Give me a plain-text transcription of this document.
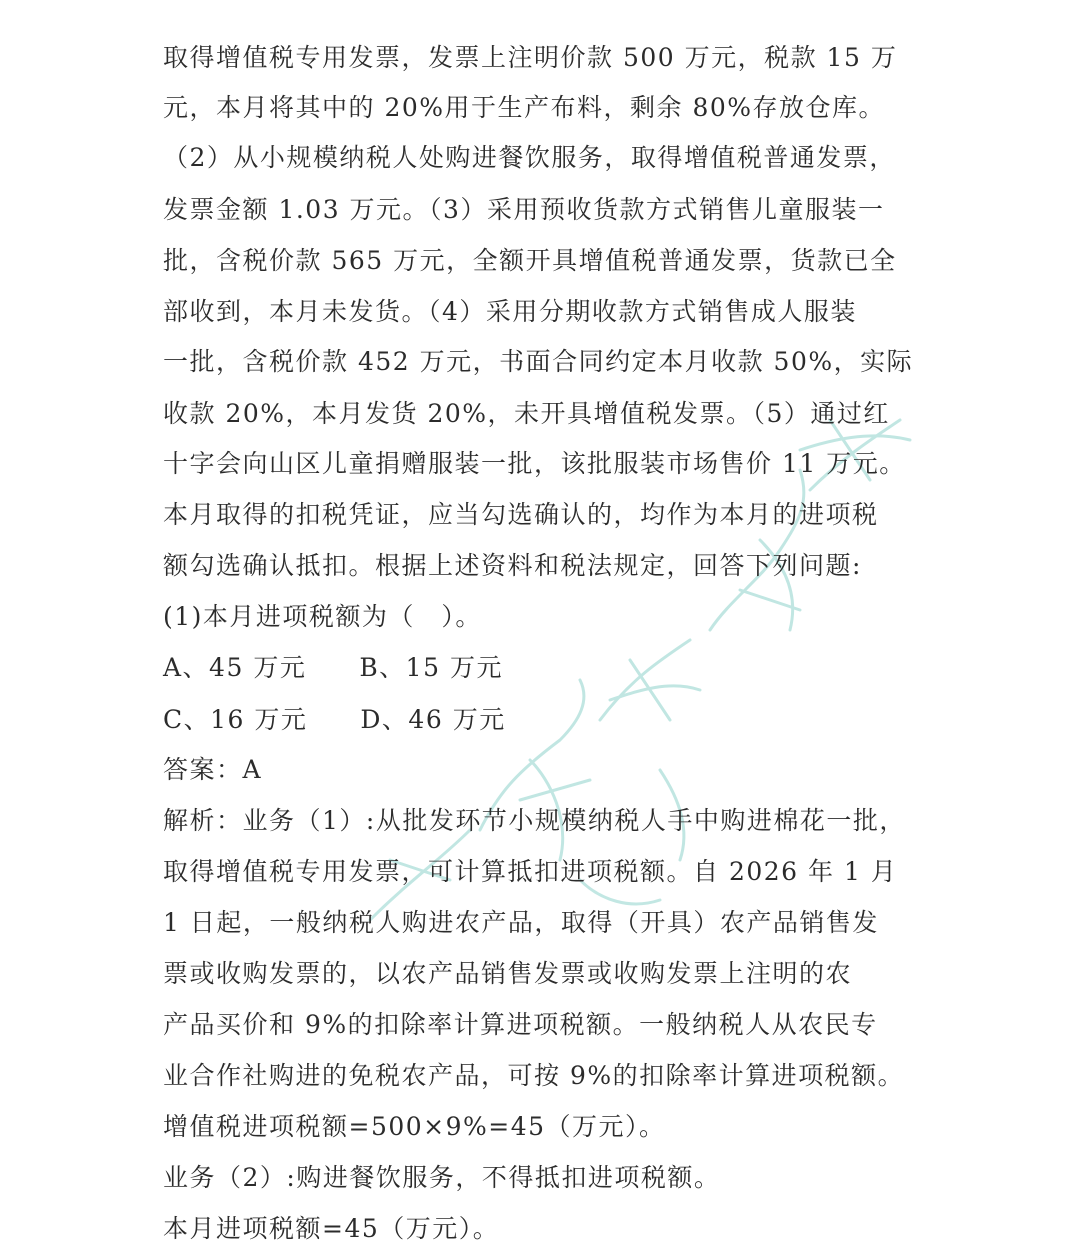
取得增值税专用发票，发票上注明价款 500 万元，税款 15 万
元，本月将其中的 20%用于生产布料，剩余 80%存放仓库。
（2）从小规模纳税人处购进餐饮服务，取得增值税普通发票，
发票金额 1.03 万元。（3）采用预收货款方式销售儿童服装一
批，含税价款 565 万元，全额开具增值税普通发票，货款已全
部收到，本月未发货。（4）采用分期收款方式销售成人服装
一批，含税价款 452 万元，书面合同约定本月收款 50%，实际
收款 20%，本月发货 20%，未开具增值税发票。（5）通过红
十字会向山区儿童捐赠服装一批，该批服装市场售价 11 万元。
本月取得的扣税凭证，应当勾选确认的，均作为本月的进项税
额勾选确认抵扣。根据上述资料和税法规定，回答下列问题:
(1)本月进项税额为（　）。
A、45 万元　　B、15 万元
C、16 万元　　D、46 万元
答案：A
解析：业务（1）:从批发环节小规模纳税人手中购进棉花一批，
取得增值税专用发票，可计算抵扣进项税额。自 2026 年 1 月
1 日起，一般纳税人购进农产品，取得（开具）农产品销售发
票或收购发票的，以农产品销售发票或收购发票上注明的农
产品买价和 9%的扣除率计算进项税额。一般纳税人从农民专
业合作社购进的免税农产品，可按 9%的扣除率计算进项税额。
增值税进项税额=500×9%=45（万元）。
业务（2）:购进餐饮服务，不得抵扣进项税额。
本月进项税额=45（万元）。
